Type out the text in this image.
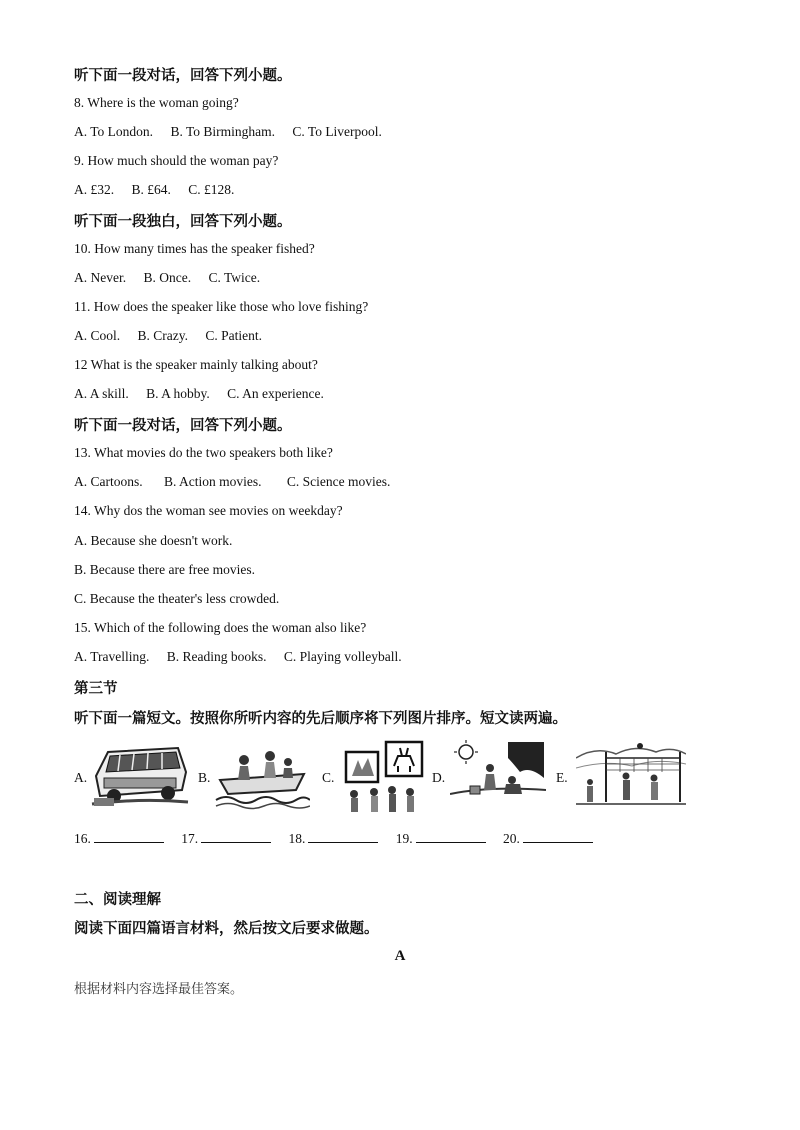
听下面一段对话，回答下列小题。
8. Where is the woman going?
A. To London. B. To Birmingham. C. To Liverpool.
9. How much should the woman pay?
A. £32. B. £64. C. £128.
听下面一段独白，回答下列小题。
10. How many times has the speaker fished?
A. Never. B. Once. C. Twice.
11. How does the speaker like those who love fishing?
A. Cool. B. Crazy. C. Patient.
12 What is the speaker mainly talking about?
A. A skill. B. A hobby. C. An experience.
听下面一段对话，回答下列小题。
13. What movies do the two speakers both like?
A. Cartoons. B. Action movies. C. Science movies.
14. Why dos the woman see movies on weekday?
A. Because she doesn't work.
B. Because there are free movies.
C. Because the theater's less crowded.
15. Which of the following does the woman also like?
A. Travelling. B. Reading books. C. Playing volleyball.
第三节
听下面一篇短文。按照你所听内容的先后顺序将下列图片排序。短文读两遍。
A.	B.	C.	D.	E.
16.	17.	18.	19.	20.
二、阅读理解
阅读下面四篇语言材料，然后按文后要求做题。
A
根据材料内容选择最佳答案。
